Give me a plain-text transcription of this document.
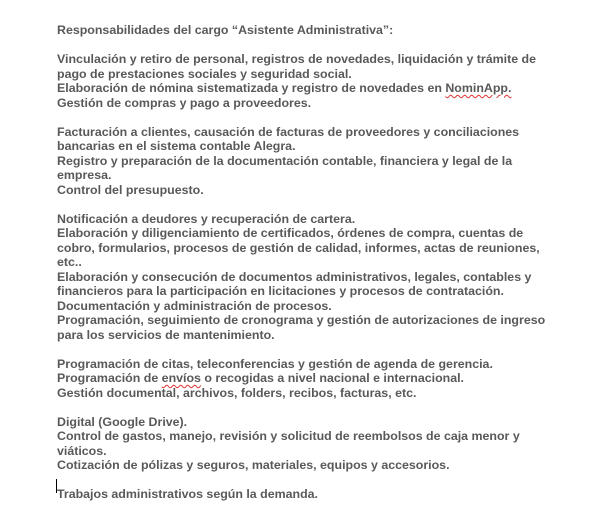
Responsabilidades del cargo “Asistente Administrativa”:
Vinculación y retiro de personal, registros de novedades, liquidación y trámite de
pago de prestaciones sociales y seguridad social.
Elaboración de nómina sistematizada y registro de novedades en NominApp.
Gestión de compras y pago a proveedores.
Facturación a clientes, causación de facturas de proveedores y conciliaciones
bancarias en el sistema contable Alegra.
Registro y preparación de la documentación contable, financiera y legal de la
empresa.
Control del presupuesto.
Notificación a deudores y recuperación de cartera.
Elaboración y diligenciamiento de certificados, órdenes de compra, cuentas de
cobro, formularios, procesos de gestión de calidad, informes, actas de reuniones,
etc..
Elaboración y consecución de documentos administrativos, legales, contables y
financieros para la participación en licitaciones y procesos de contratación.
Documentación y administración de procesos.
Programación, seguimiento de cronograma y gestión de autorizaciones de ingreso
para los servicios de mantenimiento.
Programación de citas, teleconferencias y gestión de agenda de gerencia.
Programación de envíos o recogidas a nivel nacional e internacional.
Gestión documental, archivos, folders, recibos, facturas, etc.
Digital (Google Drive).
Control de gastos, manejo, revisión y solicitud de reembolsos de caja menor y
viáticos.
Cotización de pólizas y seguros, materiales, equipos y accesorios.
Trabajos administrativos según la demanda.
